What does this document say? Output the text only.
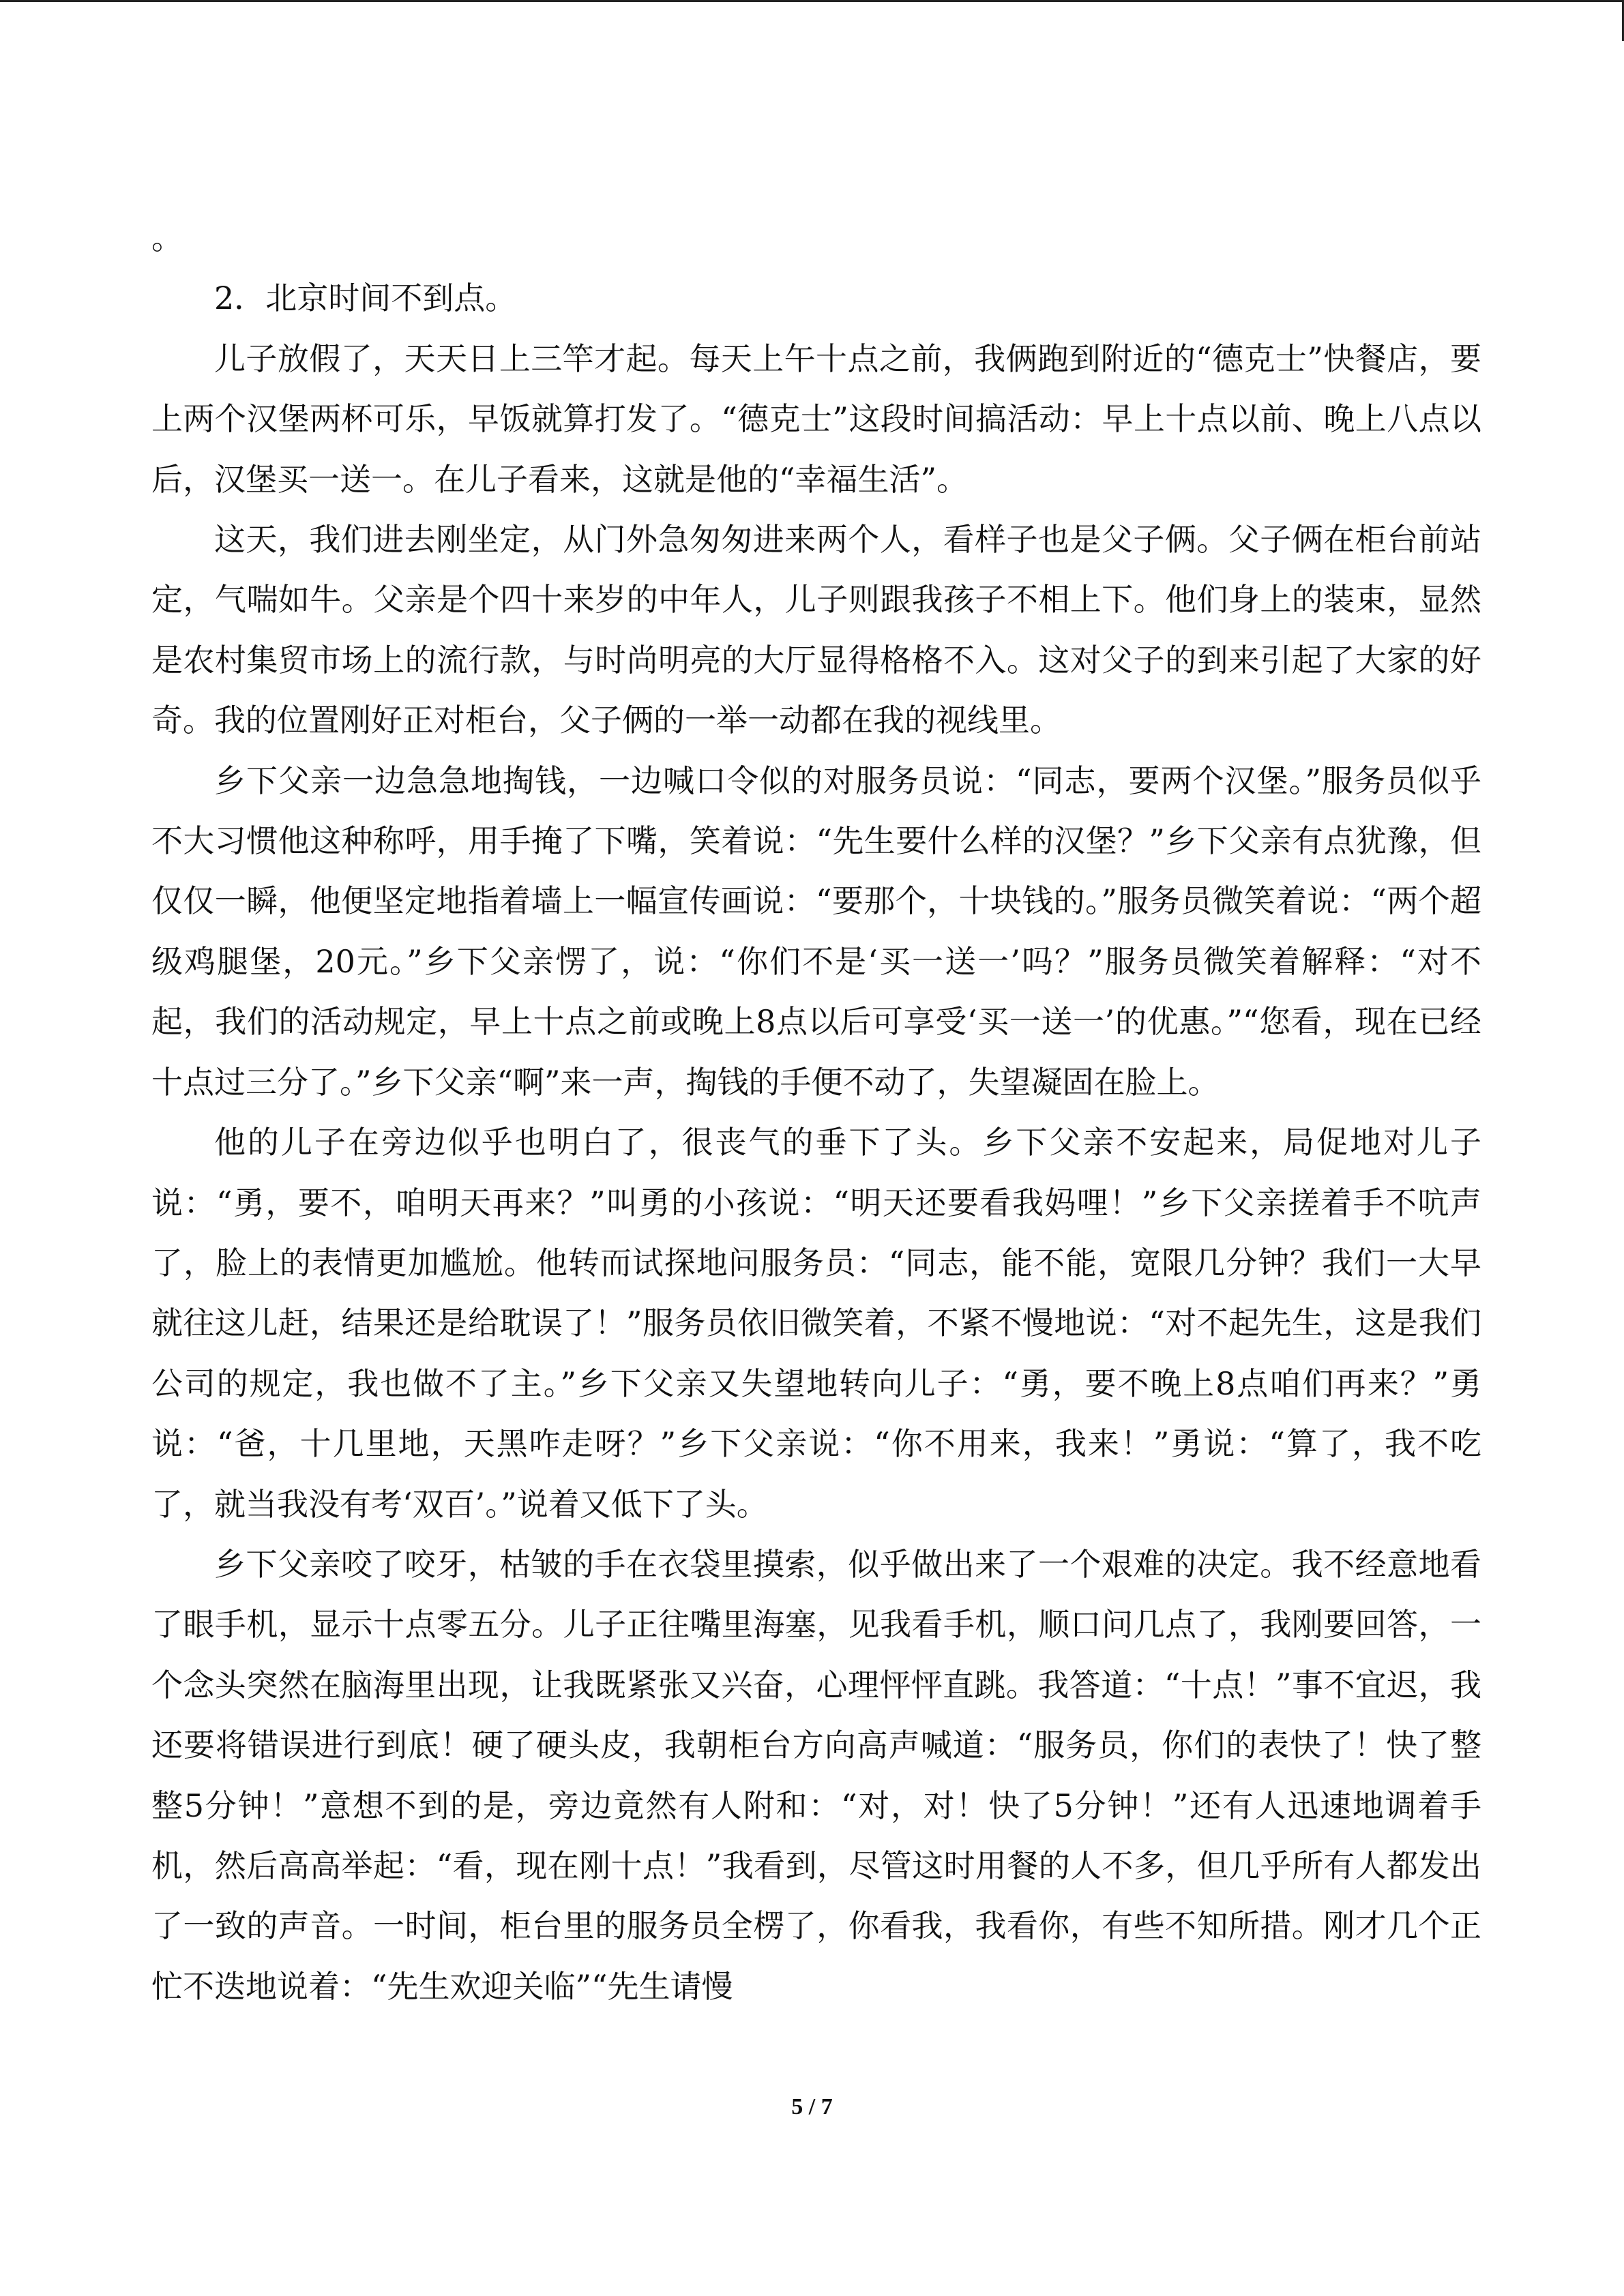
。

2．北京时间不到点。

儿子放假了，天天日上三竿才起。每天上午十点之前，我俩跑到附近的“德克士”快餐店，要上两个汉堡两杯可乐，早饭就算打发了。“德克士”这段时间搞活动：早上十点以前、晚上八点以后，汉堡买一送一。在儿子看来，这就是他的“幸福生活”。

这天，我们进去刚坐定，从门外急匆匆进来两个人，看样子也是父子俩。父子俩在柜台前站定，气喘如牛。父亲是个四十来岁的中年人，儿子则跟我孩子不相上下。他们身上的装束，显然是农村集贸市场上的流行款，与时尚明亮的大厅显得格格不入。这对父子的到来引起了大家的好奇。我的位置刚好正对柜台，父子俩的一举一动都在我的视线里。

乡下父亲一边急急地掏钱，一边喊口令似的对服务员说：“同志，要两个汉堡。”服务员似乎不大习惯他这种称呼，用手掩了下嘴，笑着说：“先生要什么样的汉堡？”乡下父亲有点犹豫，但仅仅一瞬，他便坚定地指着墙上一幅宣传画说：“要那个，十块钱的。”服务员微笑着说：“两个超级鸡腿堡，20元。”乡下父亲愣了，说：“你们不是‘买一送一’吗？”服务员微笑着解释：“对不起，我们的活动规定，早上十点之前或晚上8点以后可享受‘买一送一’的优惠。”“您看，现在已经十点过三分了。”乡下父亲“啊”来一声，掏钱的手便不动了，失望凝固在脸上。

他的儿子在旁边似乎也明白了，很丧气的垂下了头。乡下父亲不安起来，局促地对儿子说：“勇，要不，咱明天再来？”叫勇的小孩说：“明天还要看我妈哩！”乡下父亲搓着手不吭声了，脸上的表情更加尴尬。他转而试探地问服务员：“同志，能不能，宽限几分钟？我们一大早就往这儿赶，结果还是给耽误了！”服务员依旧微笑着，不紧不慢地说：“对不起先生，这是我们公司的规定，我也做不了主。”乡下父亲又失望地转向儿子：“勇，要不晚上8点咱们再来？”勇说：“爸，十几里地，天黑咋走呀？”乡下父亲说：“你不用来，我来！”勇说：“算了，我不吃了，就当我没有考‘双百’。”说着又低下了头。

乡下父亲咬了咬牙，枯皱的手在衣袋里摸索，似乎做出来了一个艰难的决定。我不经意地看了眼手机，显示十点零五分。儿子正往嘴里海塞，见我看手机，顺口问几点了，我刚要回答，一个念头突然在脑海里出现，让我既紧张又兴奋，心理怦怦直跳。我答道：“十点！”事不宜迟，我还要将错误进行到底！硬了硬头皮，我朝柜台方向高声喊道：“服务员，你们的表快了！快了整整5分钟！”意想不到的是，旁边竟然有人附和：“对，对！快了5分钟！”还有人迅速地调着手机，然后高高举起：“看，现在刚十点！”我看到，尽管这时用餐的人不多，但几乎所有人都发出了一致的声音。一时间，柜台里的服务员全楞了，你看我，我看你，有些不知所措。刚才几个正忙不迭地说着：“先生欢迎关临”“先生请慢

5 / 7
